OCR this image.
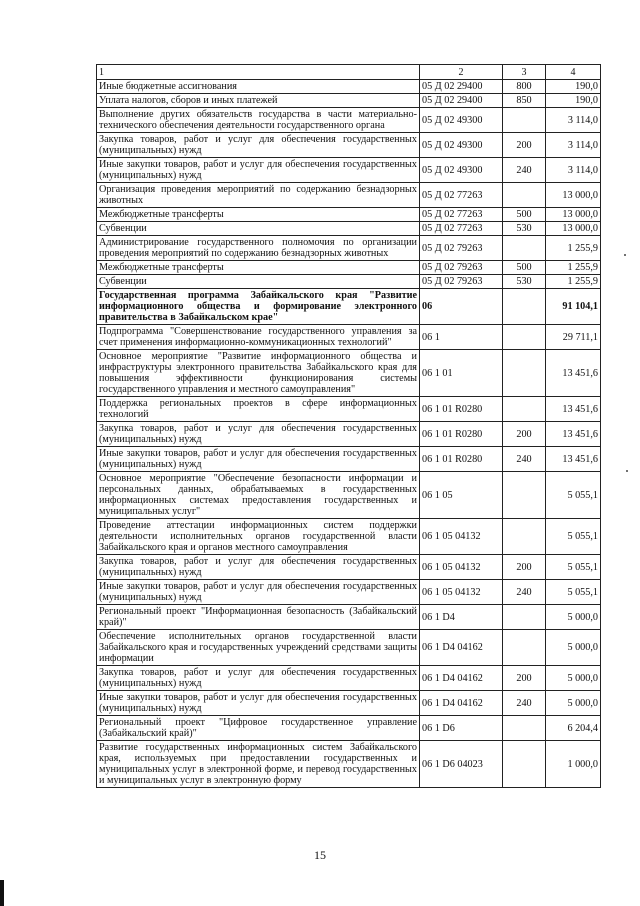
1	2	3	4
Иные бюджетные ассигнования	05 Д 02 29400	800	190,0
Уплата налогов, сборов и иных платежей	05 Д 02 29400	850	190,0
Выполнение других обязательств государства в части материально-технического обеспечения деятельности государственного органа	05 Д 02 49300		3 114,0
Закупка товаров, работ и услуг для обеспечения государственных (муниципальных) нужд	05 Д 02 49300	200	3 114,0
Иные закупки товаров, работ и услуг для обеспечения государственных (муниципальных) нужд	05 Д 02 49300	240	3 114,0
Организация проведения мероприятий по содержанию безнадзорных животных	05 Д 02 77263		13 000,0
Межбюджетные трансферты	05 Д 02 77263	500	13 000,0
Субвенции	05 Д 02 77263	530	13 000,0
Администрирование государственного полномочия по организации проведения мероприятий по содержанию безнадзорных животных	05 Д 02 79263		1 255,9
Межбюджетные трансферты	05 Д 02 79263	500	1 255,9
Субвенции	05 Д 02 79263	530	1 255,9
Государственная программа Забайкальского края "Развитие информационного общества и формирование электронного правительства в Забайкальском крае"	06		91 104,1
Подпрограмма "Совершенствование государственного управления за счет применения информационно-коммуникационных технологий"	06 1		29 711,1
Основное мероприятие "Развитие информационного общества и инфраструктуры электронного правительства Забайкальского края для повышения эффективности функционирования системы государственного управления и местного самоуправления"	06 1 01		13 451,6
Поддержка региональных проектов в сфере информационных технологий	06 1 01 R0280		13 451,6
Закупка товаров, работ и услуг для обеспечения государственных (муниципальных) нужд	06 1 01 R0280	200	13 451,6
Иные закупки товаров, работ и услуг для обеспечения государственных (муниципальных) нужд	06 1 01 R0280	240	13 451,6
Основное мероприятие "Обеспечение безопасности информации и персональных данных, обрабатываемых в государственных информационных системах предоставления государственных и муниципальных услуг"	06 1 05		5 055,1
Проведение аттестации информационных систем поддержки деятельности исполнительных органов государственной власти Забайкальского края и органов местного самоуправления	06 1 05 04132		5 055,1
Закупка товаров, работ и услуг для обеспечения государственных (муниципальных) нужд	06 1 05 04132	200	5 055,1
Иные закупки товаров, работ и услуг для обеспечения государственных (муниципальных) нужд	06 1 05 04132	240	5 055,1
Региональный проект "Информационная безопасность (Забайкальский край)"	06 1 D4		5 000,0
Обеспечение исполнительных органов государственной власти Забайкальского края и государственных учреждений средствами защиты информации	06 1 D4 04162		5 000,0
Закупка товаров, работ и услуг для обеспечения государственных (муниципальных) нужд	06 1 D4 04162	200	5 000,0
Иные закупки товаров, работ и услуг для обеспечения государственных (муниципальных) нужд	06 1 D4 04162	240	5 000,0
Региональный проект "Цифровое государственное управление (Забайкальский край)"	06 1 D6		6 204,4
Развитие государственных информационных систем Забайкальского края, используемых при предоставлении государственных и муниципальных услуг в электронной форме, и перевод государственных и муниципальных услуг в электронную форму	06 1 D6 04023		1 000,0
15
